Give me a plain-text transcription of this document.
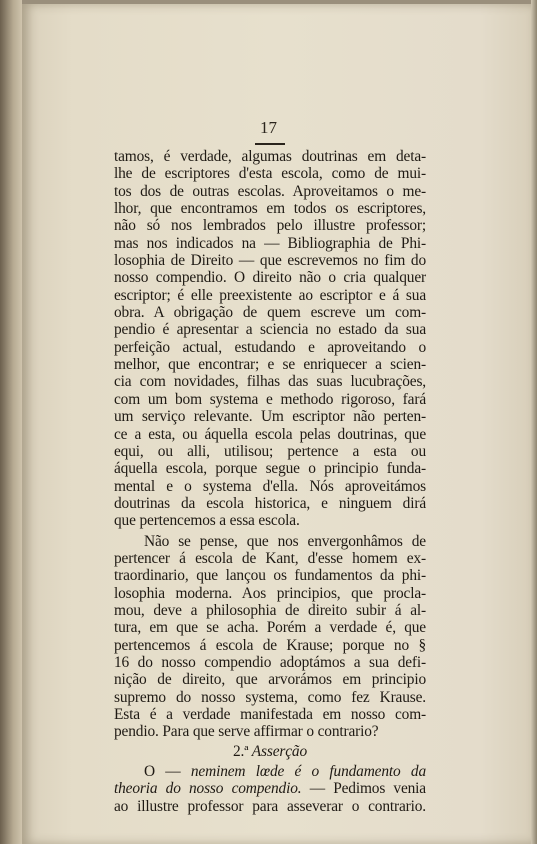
17
tamos, é verdade, algumas doutrinas em deta-
lhe de escriptores d'esta escola, como de mui-
tos dos de outras escolas. Aproveitamos o me-
lhor, que encontramos em todos os escriptores,
não só nos lembrados pelo illustre professor;
mas nos indicados na — Bibliographia de Phi-
losophia de Direito — que escrevemos no fim do
nosso compendio. O direito não o cria qualquer
escriptor; é elle preexistente ao escriptor e á sua
obra. A obrigação de quem escreve um com-
pendio é apresentar a sciencia no estado da sua
perfeição actual, estudando e aproveitando o
melhor, que encontrar; e se enriquecer a scien-
cia com novidades, filhas das suas lucubrações,
com um bom systema e methodo rigoroso, fará
um serviço relevante. Um escriptor não perten-
ce a esta, ou áquella escola pelas doutrinas, que
equi, ou alli, utilisou; pertence a esta ou
áquella escola, porque segue o principio funda-
mental e o systema d'ella. Nós aproveitámos
doutrinas da escola historica, e ninguem dirá
que pertencemos a essa escola.
Não se pense, que nos envergonhâmos de
pertencer á escola de Kant, d'esse homem ex-
traordinario, que lançou os fundamentos da phi-
losophia moderna. Aos principios, que procla-
mou, deve a philosophia de direito subir á al-
tura, em que se acha. Porém a verdade é, que
pertencemos á escola de Krause; porque no §
16 do nosso compendio adoptámos a sua defi-
nição de direito, que arvorámos em principio
supremo do nosso systema, como fez Krause.
Esta é a verdade manifestada em nosso com-
pendio. Para que serve affirmar o contrario?
2.ª Asserção
O — neminem lœde é o fundamento da
theoria do nosso compendio. — Pedimos venia
ao illustre professor para asseverar o contrario.
